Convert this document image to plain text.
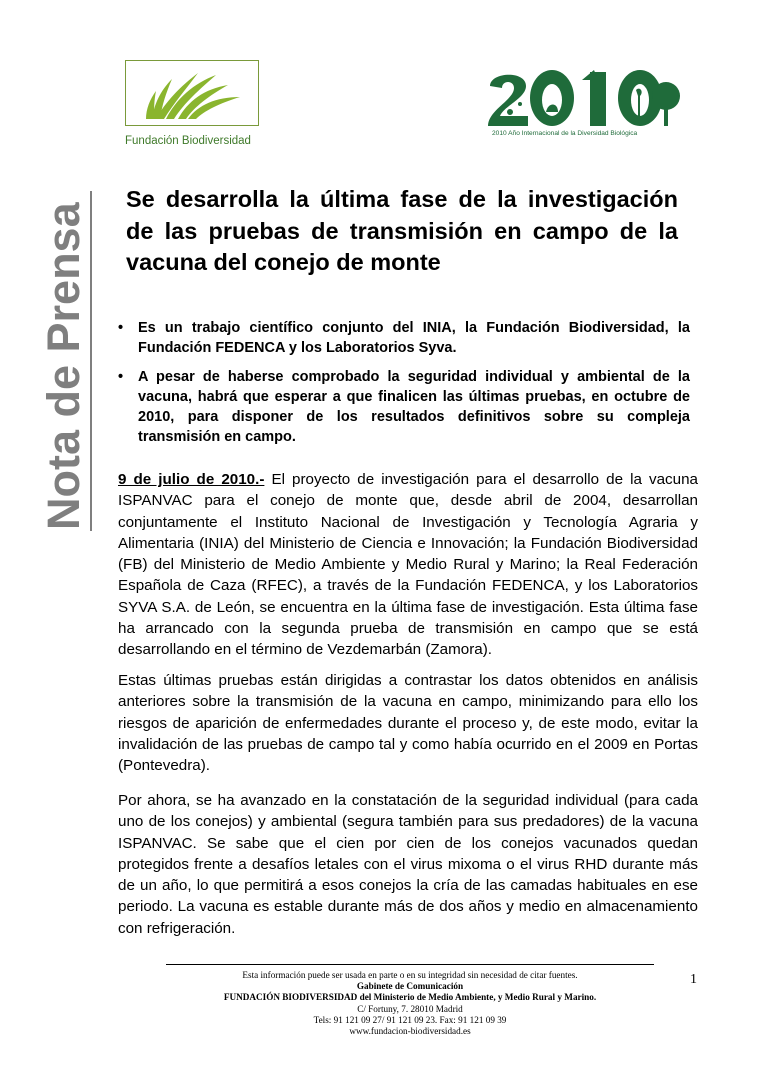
Fundación Biodiversidad
2010 Año Internacional de la Diversidad Biológica
Nota de Prensa
Se desarrolla la última fase de la investigación de las pruebas de transmisión en campo de la vacuna del conejo de monte
• Es un trabajo científico conjunto del INIA, la Fundación Biodiversidad, la Fundación FEDENCA y los Laboratorios Syva.
• A pesar de haberse comprobado la seguridad individual y ambiental de la vacuna, habrá que esperar a que finalicen las últimas pruebas, en octubre de 2010, para disponer de los resultados definitivos sobre su compleja transmisión en campo.

9 de julio de 2010.- El proyecto de investigación para el desarrollo de la vacuna ISPANVAC para el conejo de monte que, desde abril de 2004, desarrollan conjuntamente el Instituto Nacional de Investigación y Tecnología Agraria y Alimentaria (INIA) del Ministerio de Ciencia e Innovación; la Fundación Biodiversidad (FB) del Ministerio de Medio Ambiente y Medio Rural y Marino; la Real Federación Española de Caza (RFEC), a través de la Fundación FEDENCA, y los Laboratorios SYVA S.A. de León, se encuentra en la última fase de investigación. Esta última fase ha arrancado con la segunda prueba de transmisión en campo que se está desarrollando en el término de Vezdemarbán (Zamora).

Estas últimas pruebas están dirigidas a contrastar los datos obtenidos en análisis anteriores sobre la transmisión de la vacuna en campo, minimizando para ello los riesgos de aparición de enfermedades durante el proceso y, de este modo, evitar la invalidación de las pruebas de campo tal y como había ocurrido en el 2009 en Portas (Pontevedra).

Por ahora, se ha avanzado en la constatación de la seguridad individual (para cada uno de los conejos) y ambiental (segura también para sus predadores) de la vacuna ISPANVAC. Se sabe que el cien por cien de los conejos vacunados quedan protegidos frente a desafíos letales con el virus mixoma o el virus RHD durante más de un año, lo que permitirá a esos conejos la cría de las camadas habituales en ese periodo. La vacuna es estable durante más de dos años y medio en almacenamiento con refrigeración.

Esta información puede ser usada en parte o en su integridad sin necesidad de citar fuentes.
Gabinete de Comunicación
FUNDACIÓN BIODIVERSIDAD del Ministerio de Medio Ambiente, y Medio Rural y Marino.
C/ Fortuny, 7. 28010 Madrid
Tels: 91 121 09 27/ 91 121 09 23. Fax: 91 121 09 39
www.fundacion-biodiversidad.es
1
